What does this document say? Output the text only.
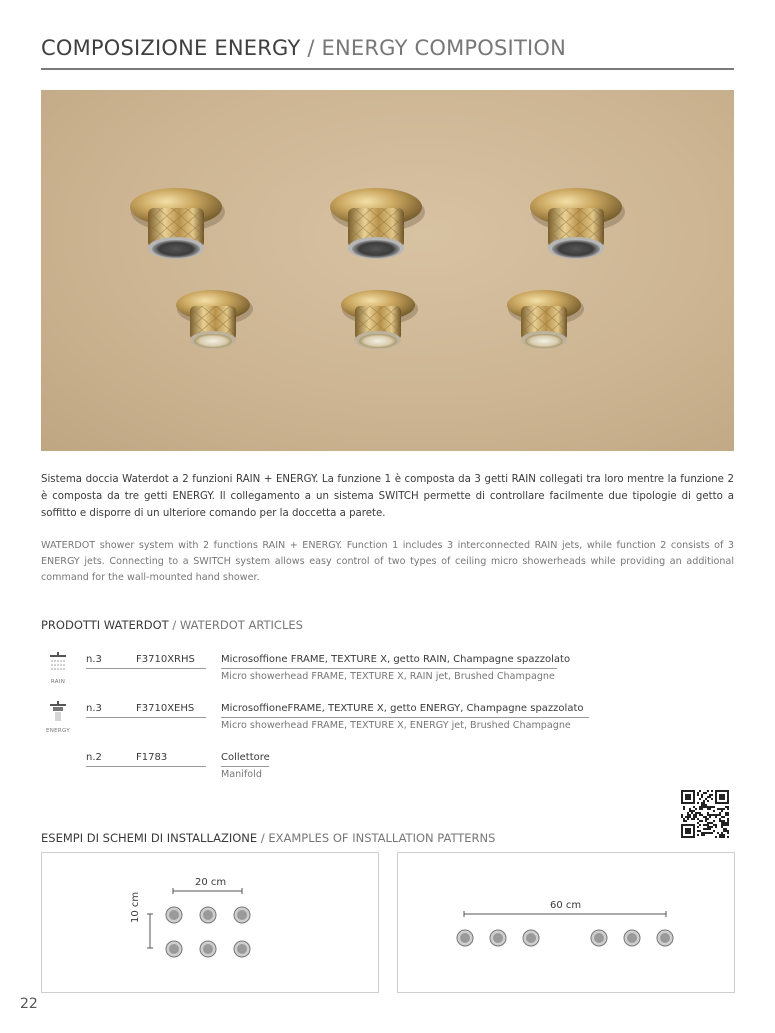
COMPOSIZIONE ENERGY / ENERGY COMPOSITION
Sistema doccia Waterdot a 2 funzioni RAIN + ENERGY. La funzione 1 è composta da 3 getti RAIN collegati tra loro mentre la funzione 2 è composta da tre getti ENERGY. Il collegamento a un sistema SWITCH permette di controllare facilmente due tipologie di getto a soffitto e disporre di un ulteriore comando per la doccetta a parete.
WATERDOT shower system with 2 functions RAIN + ENERGY. Function 1 includes 3 interconnected RAIN jets, while function 2 consists of 3 ENERGY jets. Connecting to a SWITCH system allows easy control of two types of ceiling micro showerheads while providing an additional command for the wall-mounted hand shower.
PRODOTTI WATERDOT / WATERDOT ARTICLES
RAIN
n.3	F3710XRHS	Microsoffione FRAME, TEXTURE X, getto RAIN, Champagne spazzolato
Micro showerhead FRAME, TEXTURE X, RAIN jet, Brushed Champagne
ENERGY
n.3	F3710XEHS	MicrosoffioneFRAME, TEXTURE X, getto ENERGY, Champagne spazzolato
Micro showerhead FRAME, TEXTURE X, ENERGY jet, Brushed Champagne
n.2	F1783	Collettore
Manifold
ESEMPI DI SCHEMI DI INSTALLAZIONE / EXAMPLES OF INSTALLATION PATTERNS
20 cm
10 cm	60 cm
22
